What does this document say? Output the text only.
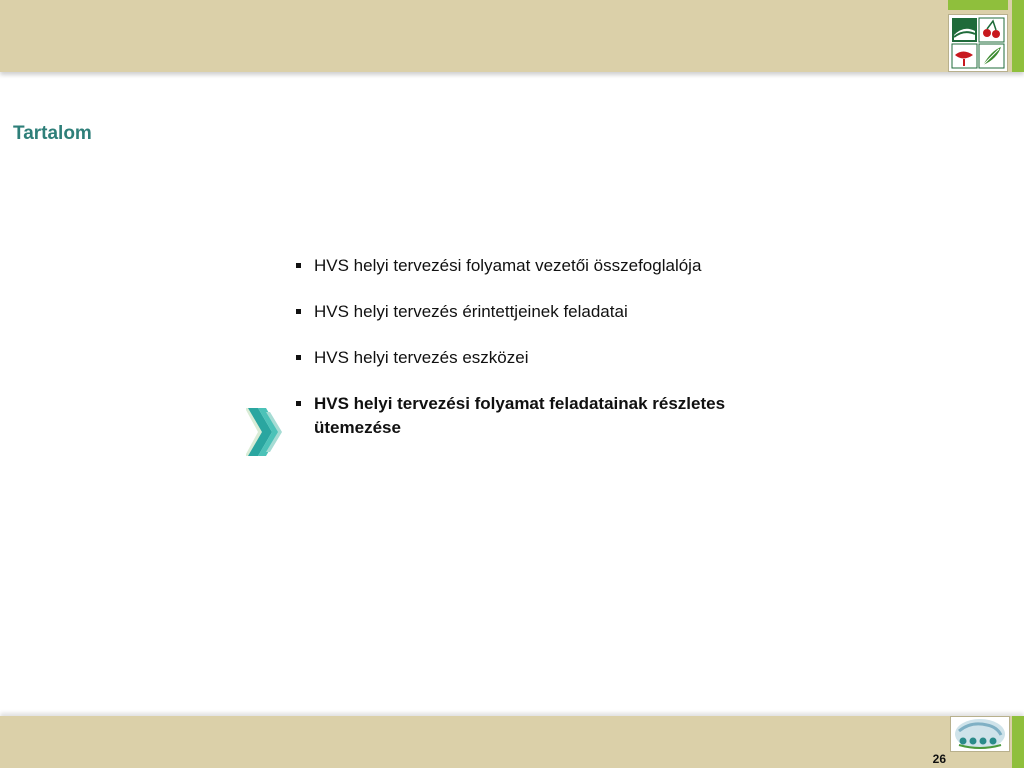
Tartalom
HVS helyi tervezési folyamat vezetői összefoglalója
HVS helyi tervezés érintettjeinek feladatai
HVS helyi tervezés eszközei
HVS helyi tervezési folyamat feladatainak részletes ütemezése
26
